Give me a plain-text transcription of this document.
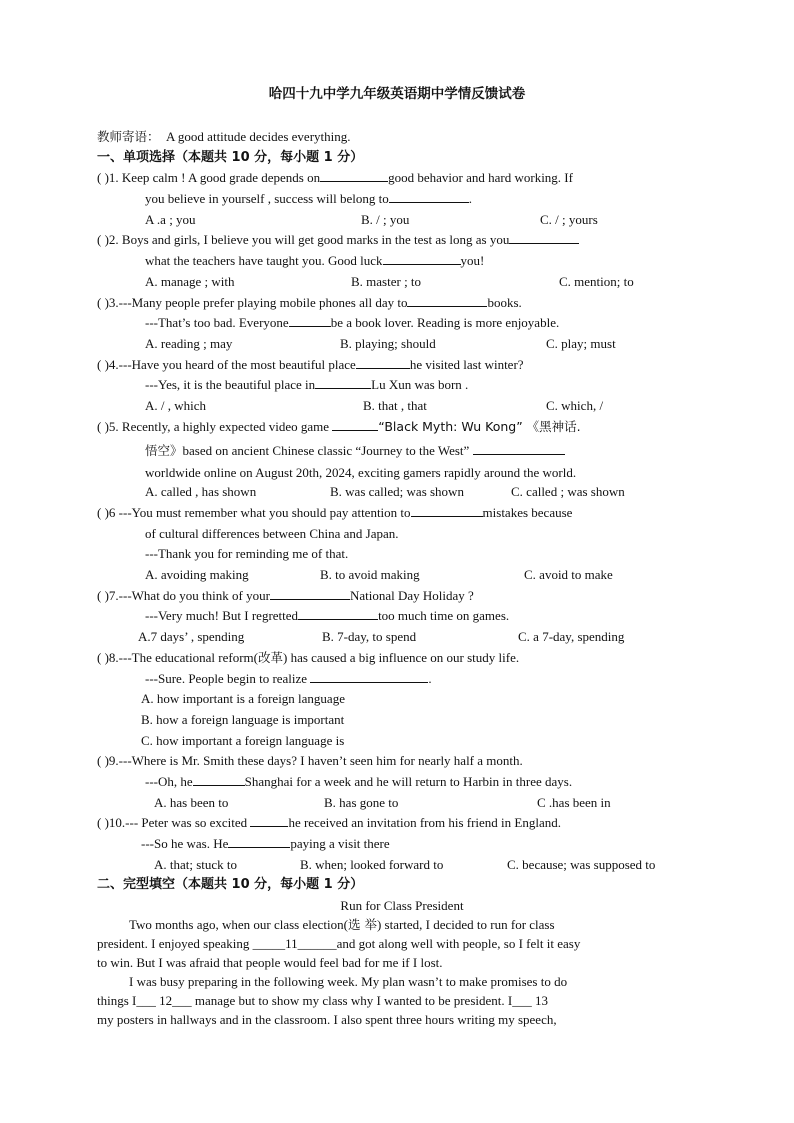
哈四十九中学九年级英语期中学情反馈试卷
教师寄语： A good attitude decides everything.
一、单项选择（本题共 10 分，每小题 1 分）
( )1. Keep calm ! A good grade depends on	good behavior and hard working. If
you believe in yourself , success will belong to	.
A .a ; you	B. / ; you	C. / ; yours
( )2. Boys and girls, I believe you will get good marks in the test as long as you
what the teachers have taught you. Good luck	you!
A. manage ; with	B. master ; to	C. mention; to
( )3.---Many people prefer playing mobile phones all day to	books.
---That’s too bad. Everyone	be a book lover. Reading is more enjoyable.
A. reading ; may	B. playing; should	C. play; must
( )4.---Have you heard of the most beautiful place	he visited last winter?
---Yes, it is the beautiful place in	Lu Xun was born .
A. / , which	B. that , that	C. which, /
( )5. Recently, a highly expected video game	“Black Myth: Wu Kong” 《黑神话.
悟空》based on ancient Chinese classic “Journey to the West”
worldwide online on August 20th, 2024, exciting gamers rapidly around the world.
A. called , has shown	B. was called; was shown	C. called ; was shown
( )6 ---You must remember what you should pay attention to	mistakes because
of cultural differences between China and Japan.
---Thank you for reminding me of that.
A. avoiding making	B. to avoid making	C. avoid to make
( )7.---What do you think of your	National Day Holiday ?
---Very much! But I regretted	too much time on games.
A.7 days’ , spending	B. 7-day, to spend	C. a 7-day, spending
( )8.---The educational reform(改革) has caused a big influence on our study life.
---Sure. People begin to realize	.
A. how important is a foreign language
B. how a foreign language is important
C. how important a foreign language is
( )9.---Where is Mr. Smith these days? I haven’t seen him for nearly half a month.
---Oh, he	Shanghai for a week and he will return to Harbin in three days.
A. has been to	B. has gone to	C .has been in
( )10.--- Peter was so excited	he received an invitation from his friend in England.
---So he was. He	paying a visit there
A. that; stuck to	B. when; looked forward to	C. because; was supposed to
二、完型填空（本题共 10 分，每小题 1 分）
Run for Class President
Two months ago, when our class election(选 举) started, I decided to run for class
president. I enjoyed speaking _____11______and got along well with people, so I felt it easy
to win. But I was afraid that people would feel bad for me if I lost.
I was busy preparing in the following week. My plan wasn’t to make promises to do
things I___ 12___ manage but to show my class why I wanted to be president. I___ 13
my posters in hallways and in the classroom. I also spent three hours writing my speech,
